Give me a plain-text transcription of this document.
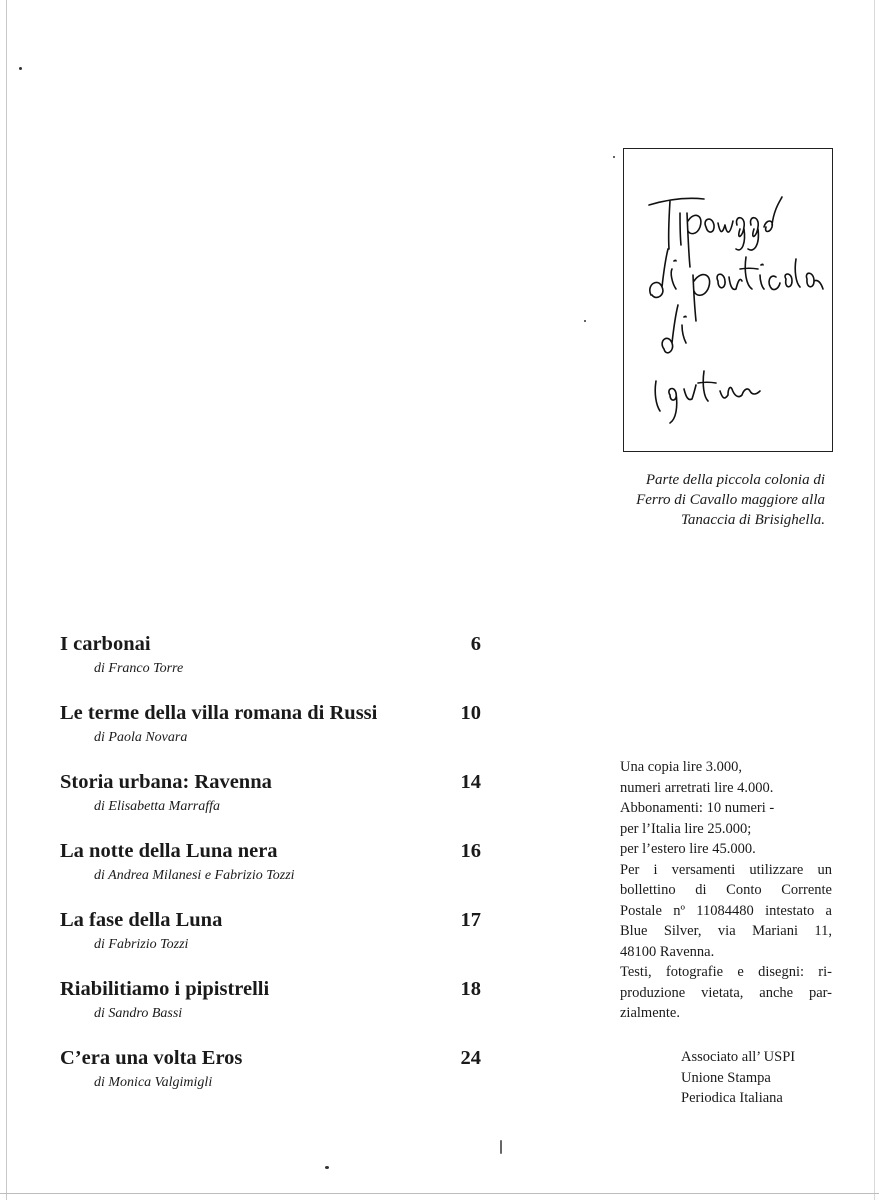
Parte della piccola colonia di
Ferro di Cavallo maggiore alla
Tanaccia di Brisighella.
I carbonai
di Franco Torre
6
Le terme della villa romana di Russi
di Paola Novara
10
Storia urbana: Ravenna
di Elisabetta Marraffa
14
La notte della Luna nera
di Andrea Milanesi e Fabrizio Tozzi
16
La fase della Luna
di Fabrizio Tozzi
17
Riabilitiamo i pipistrelli
di Sandro Bassi
18
C’era una volta Eros
di Monica Valgimigli
24
Una copia lire 3.000,
numeri arretrati lire 4.000.
Abbonamenti: 10 numeri -
per l’Italia lire 25.000;
per l’estero lire 45.000.
Per i versamenti utilizzare un
bollettino di Conto Corrente
Postale nº 11084480 intestato a
Blue Silver, via Mariani 11,
48100 Ravenna.
Testi, fotografie e disegni: ri-
produzione vietata, anche par-
zialmente.
Associato all’ USPI
Unione Stampa
Periodica Italiana
